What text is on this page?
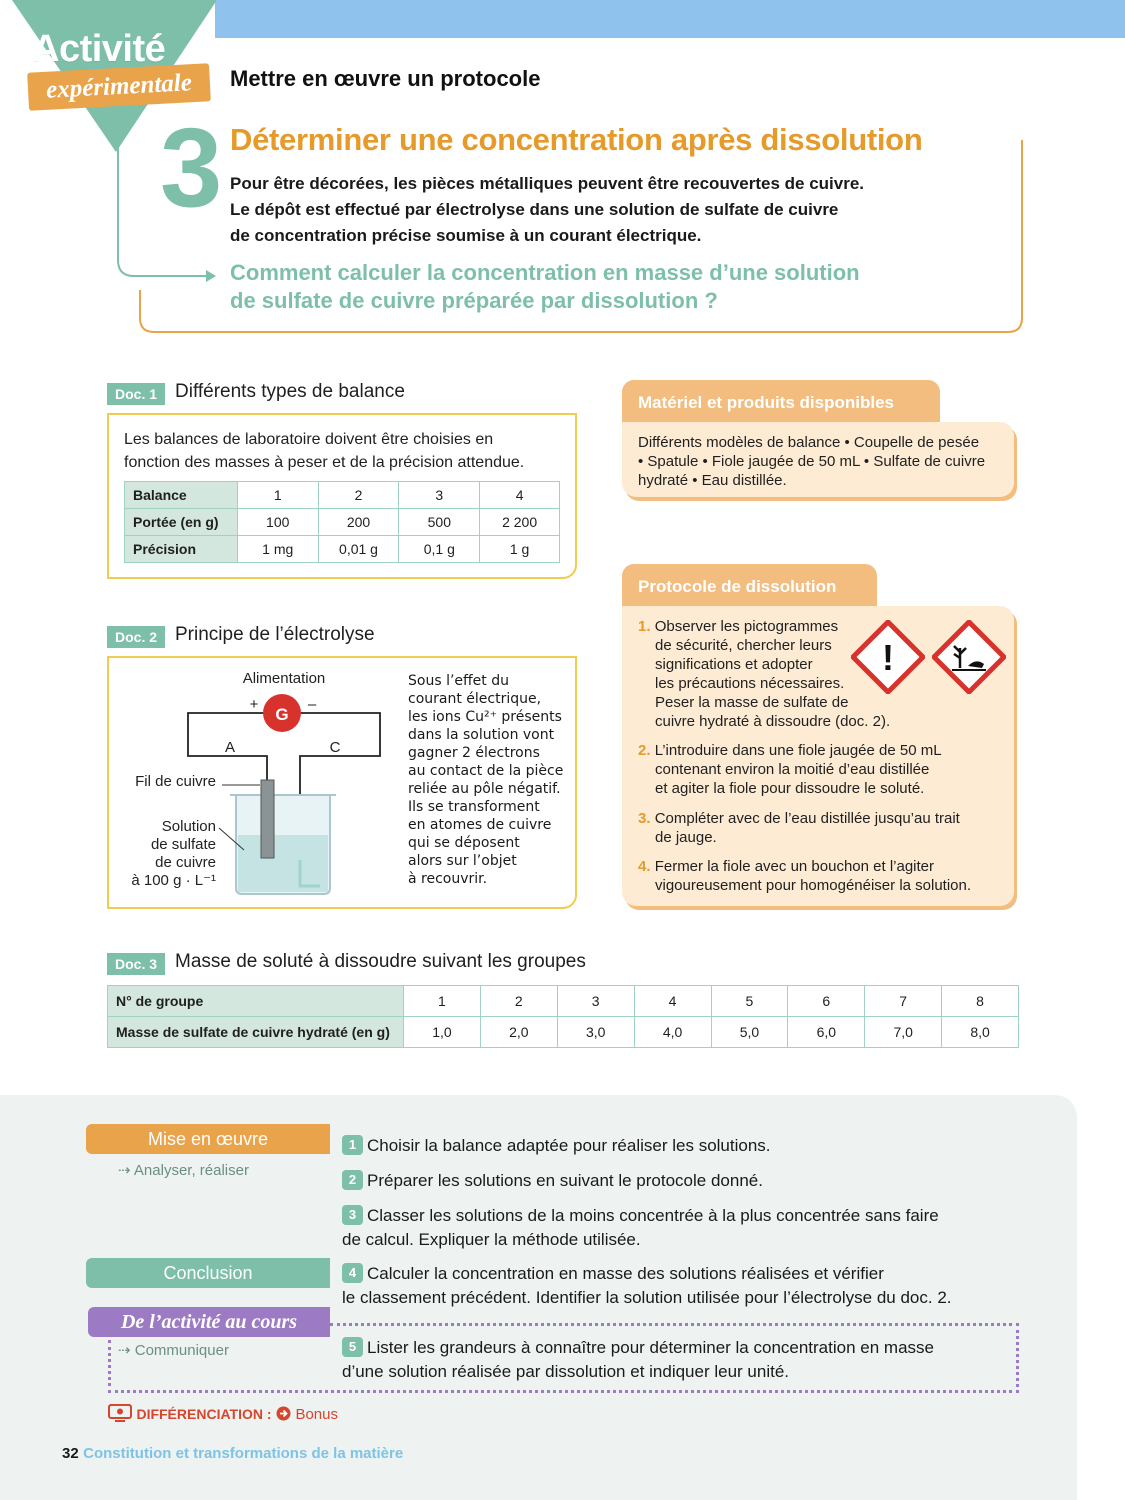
Activité
expérimentale	Mettre en œuvre un protocole
3 Déterminer une concentration après dissolution
Pour être décorées, les pièces métalliques peuvent être recouvertes de cuivre.
Le dépôt est effectué par électrolyse dans une solution de sulfate de cuivre
de concentration précise soumise à un courant électrique.
Comment calculer la concentration en masse d’une solution
de sulfate de cuivre préparée par dissolution ?
Doc. 1 Différents types de balance
Les balances de laboratoire doivent être choisies en
fonction des masses à peser et de la précision attendue.
Balance	1	2	3	4
Portée (en g)	100	200	500	2 200
Précision	1 mg	0,01 g	0,1 g	1 g
Matériel et produits disponibles
Différents modèles de balance • Coupelle de pesée
• Spatule • Fiole jaugée de 50 mL • Sulfate de cuivre
hydraté • Eau distillée.
Protocole de dissolution
1. Observer les pictogrammes
de sécurité, chercher leurs
significations et adopter
les précautions nécessaires.
Peser la masse de sulfate de
cuivre hydraté à dissoudre (doc. 2).
!
2. L’introduire dans une fiole jaugée de 50 mL
contenant environ la moitié d’eau distillée
et agiter la fiole pour dissoudre le soluté.
3. Compléter avec de l’eau distillée jusqu’au trait
de jauge.
4. Fermer la fiole avec un bouchon et l’agiter
vigoureusement pour homogénéiser la solution.
Doc. 2 Principe de l’électrolyse
G
+	–
Alimentation
A	C
Fil de cuivre
Solution
de sulfate
de cuivre
à 100 g · L⁻¹
Sous l’effet du
courant électrique,
les ions Cu²⁺ présents
dans la solution vont
gagner 2 électrons
au contact de la pièce
reliée au pôle négatif.
Ils se transforment
en atomes de cuivre
qui se déposent
alors sur l’objet
à recouvrir.
Doc. 3 Masse de soluté à dissoudre suivant les groupes
N° de groupe	1	2	3	4	5	6	7	8
Masse de sulfate de cuivre hydraté (en g)	1,0	2,0	3,0	4,0	5,0	6,0	7,0	8,0
Mise en œuvre
⇢ Analyser, réaliser
Conclusion
De l’activité au cours
⇢ Communiquer
1 Choisir la balance adaptée pour réaliser les solutions.
2 Préparer les solutions en suivant le protocole donné.
3 Classer les solutions de la moins concentrée à la plus concentrée sans faire
de calcul. Expliquer la méthode utilisée.
4 Calculer la concentration en masse des solutions réalisées et vérifier
le classement précédent. Identifier la solution utilisée pour l’électrolyse du doc. 2.
5 Lister les grandeurs à connaître pour déterminer la concentration en masse
d’une solution réalisée par dissolution et indiquer leur unité.
DIFFÉRENCIATION : Bonus
32 Constitution et transformations de la matière
